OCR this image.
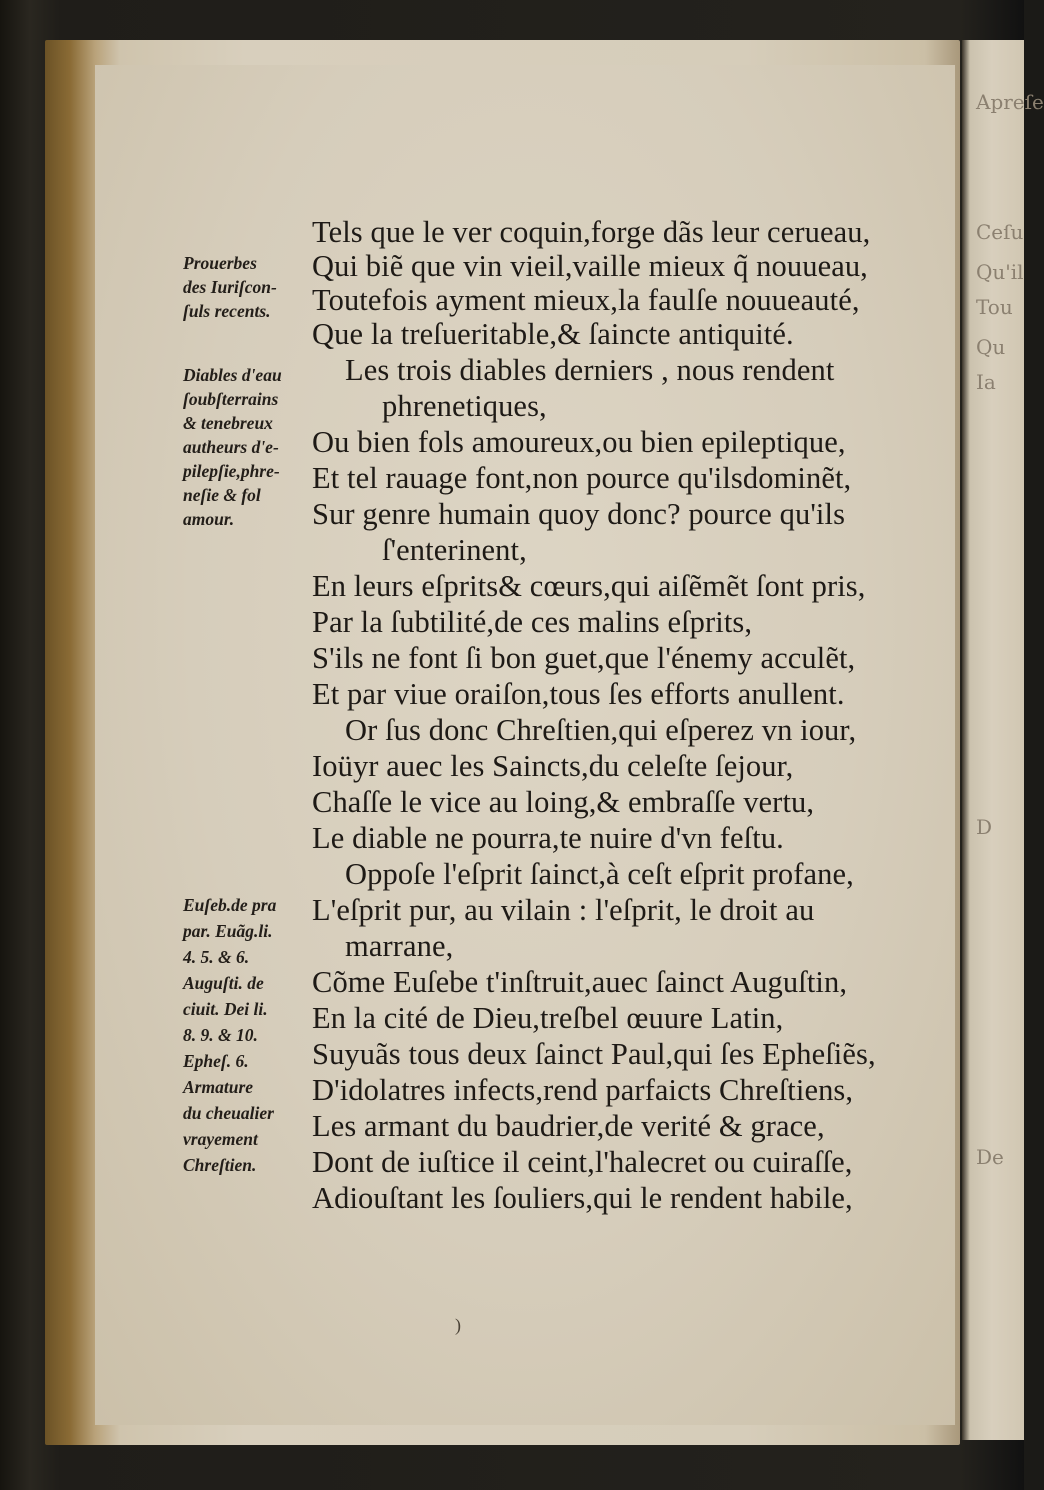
Apreſe
Ceſu
Qu'il
Tou
Qu
Ia
D
De
Tels que le ver coquin,forge dãs leur cerueau,
Qui biẽ que vin vieil,vaille mieux q̃ nouueau,
Toutefois ayment mieux,la faulſe nouueauté,
Que la treſueritable,& ſaincte antiquité.
Les trois diables derniers , nous rendent
phrenetiques,
Ou bien fols amoureux,ou bien epileptique,
Et tel rauage font,non pource qu'ilsdominẽt,
Sur genre humain quoy donc? pource qu'ils
ſ'enterinent,
En leurs eſprits& cœurs,qui aiſẽmẽt ſont pris,
Par la ſubtilité,de ces malins eſprits,
S'ils ne font ſi bon guet,que l'énemy acculẽt,
Et par viue oraiſon,tous ſes efforts anullent.
Or ſus donc Chreſtien,qui eſperez vn iour,
Ioüyr auec les Saincts,du celeſte ſejour,
Chaſſe le vice au loing,& embraſſe vertu,
Le diable ne pourra,te nuire d'vn feſtu.
Oppoſe l'eſprit ſainct,à ceſt eſprit profane,
L'eſprit pur, au vilain : l'eſprit, le droit au
marrane,
Cõme Euſebe t'inſtruit,auec ſainct Auguſtin,
En la cité de Dieu,treſbel œuure Latin,
Suyuãs tous deux ſainct Paul,qui ſes Epheſiẽs,
D'idolatres infects,rend parfaicts Chreſtiens,
Les armant du baudrier,de verité & grace,
Dont de iuſtice il ceint,l'halecret ou cuiraſſe,
Adiouſtant les ſouliers,qui le rendent habile,
Prouerbes
des Iuriſcon-
ſuls recents.
Diables d'eau
ſoubſterrains
& tenebreux
autheurs d'e-
pilepſie,phre-
neſie & fol
amour.
Euſeb.de pra
par. Euãg.li.
4. 5. & 6.
Auguſti. de
ciuit. Dei li.
8. 9. & 10.
Epheſ. 6.
Armature
du cheualier
vrayement
Chreſtien.
)
